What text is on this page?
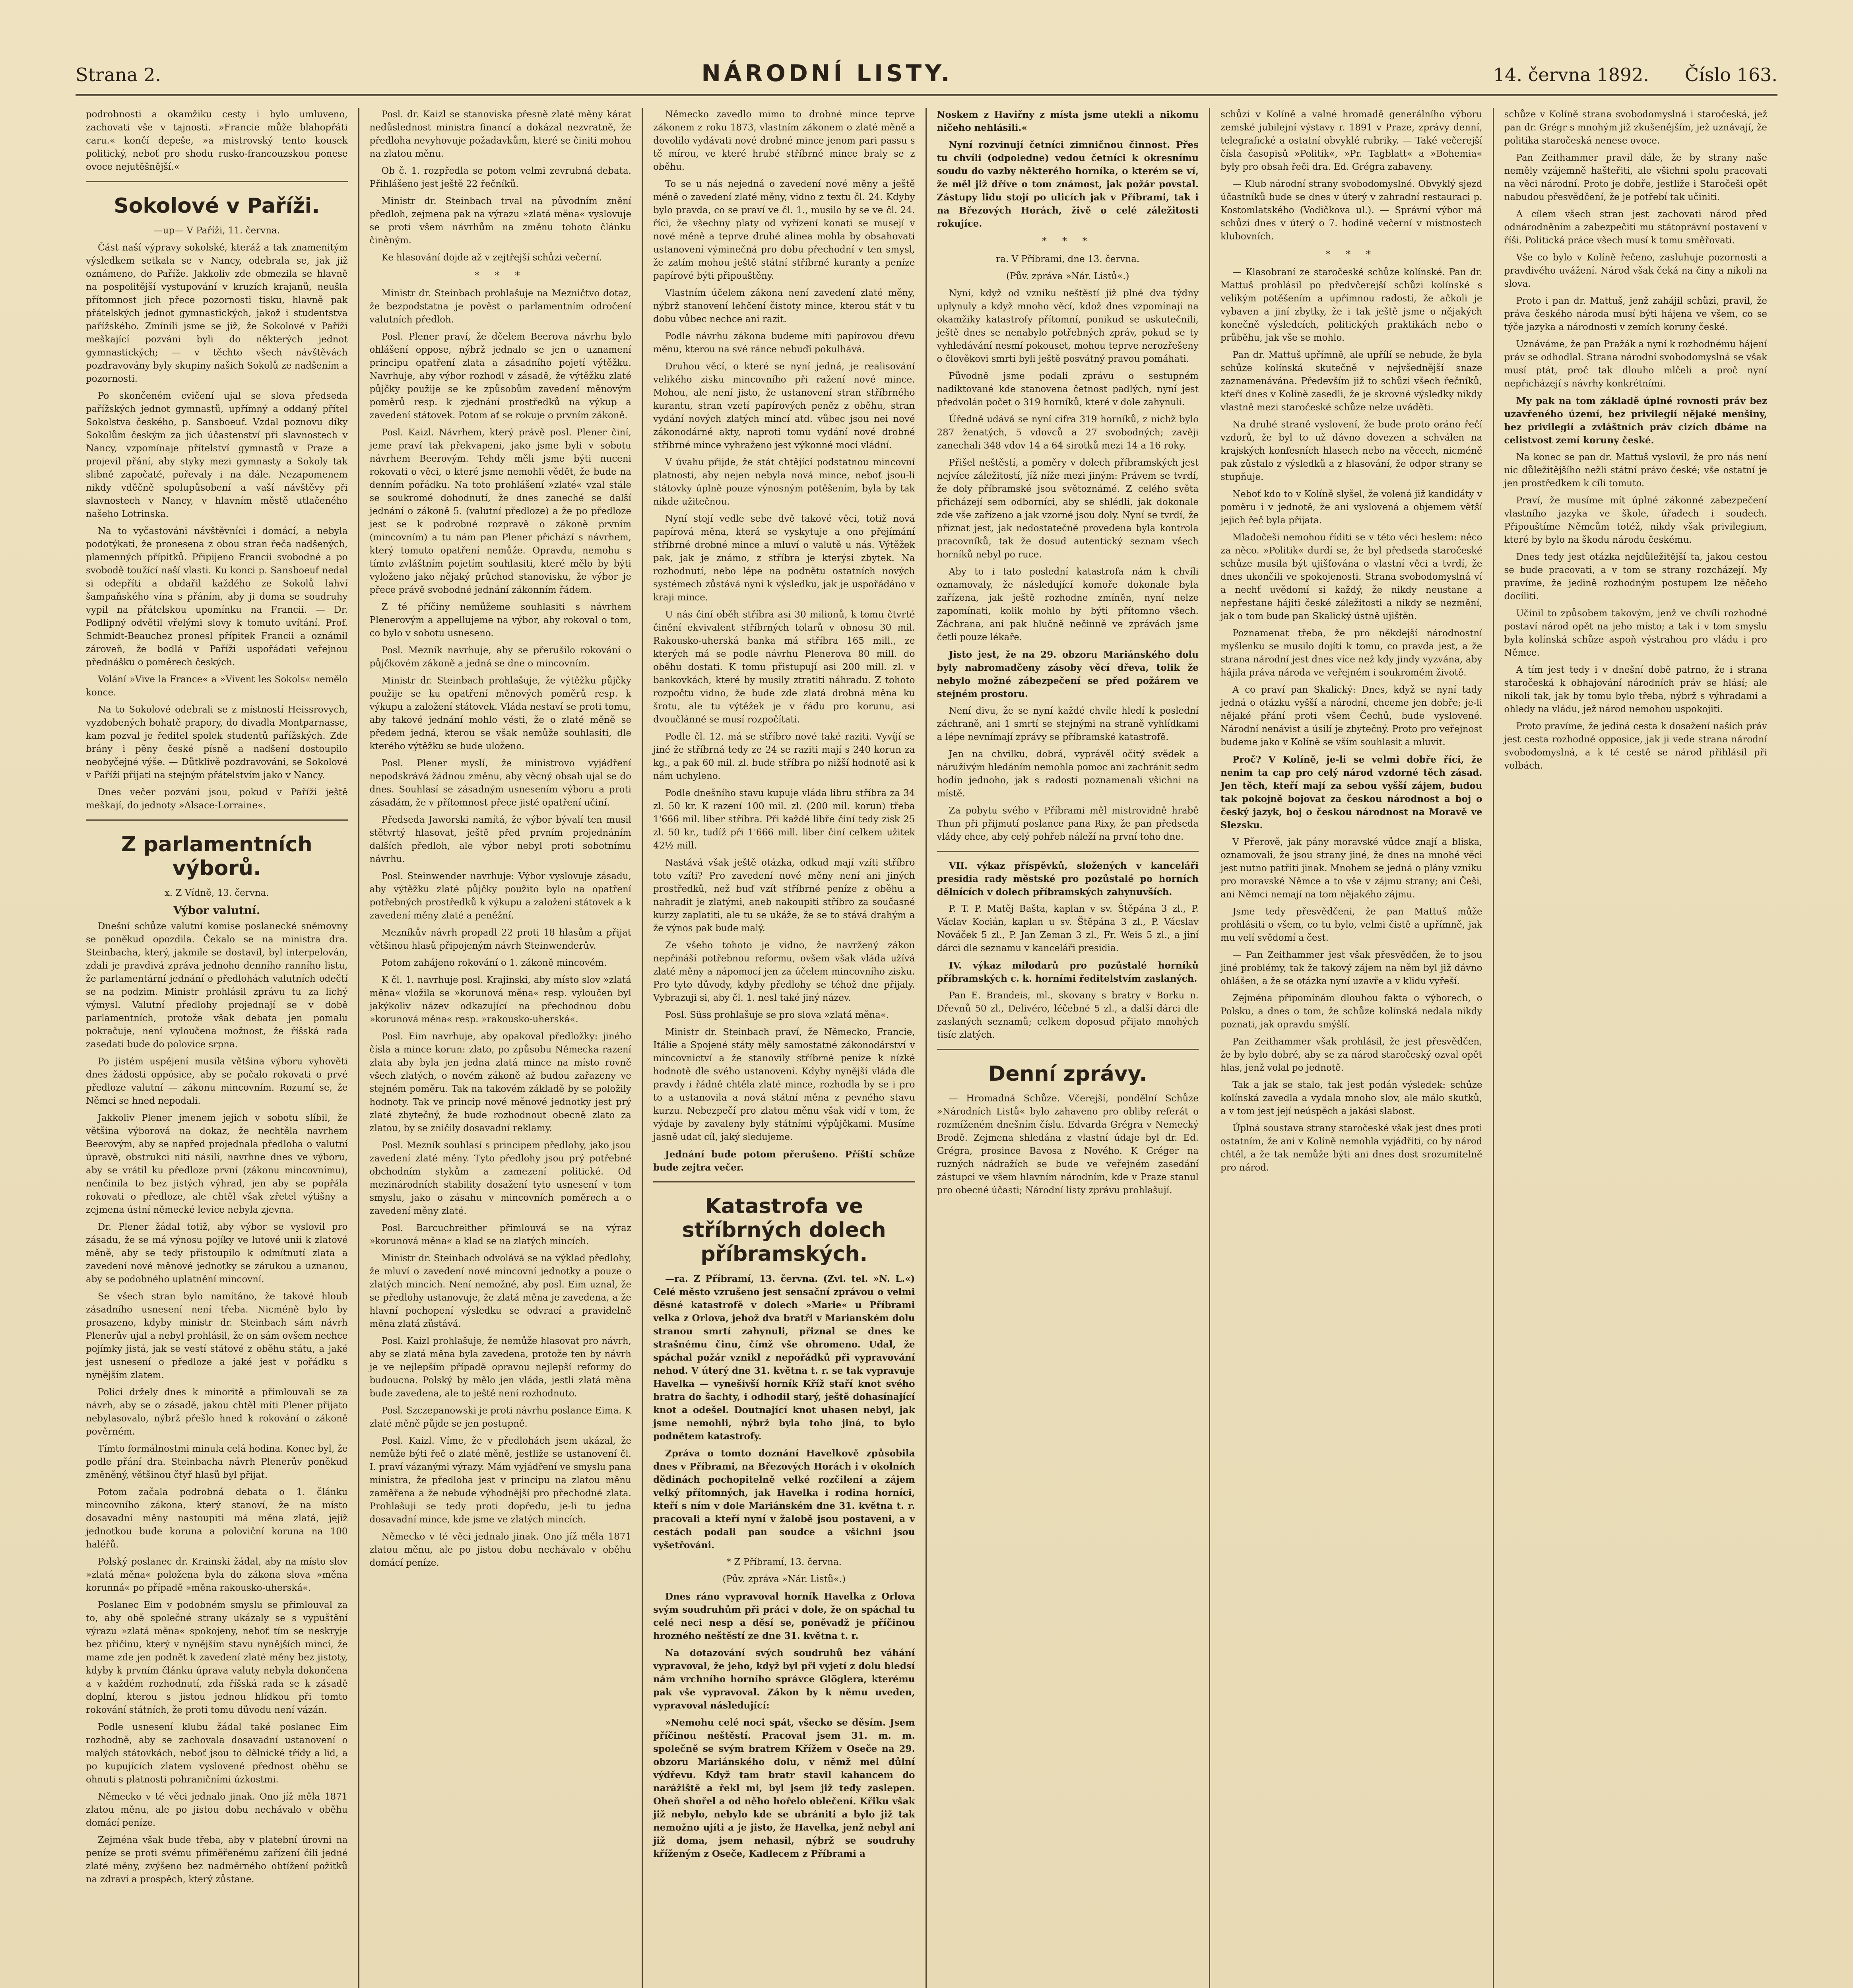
Strana 2.	NÁRODNÍ LISTY.	14. června 1892. Číslo 163.

podrobnosti a okamžiku cesty i bylo umluveno, zachovati vše v tajnosti. »Francie může blahopřáti caru.« končí depeše, »a mistrovský tento kousek politický, neboť pro shodu rusko-francouzskou ponese ovoce nejutěšnější.«

Sokolové v Paříži.
—up— V Paříži, 11. června.

Část naší výpravy sokolské, kteráž a tak znamenitým výsledkem setkala se v Nancy, odebrala se, jak již oznámeno, do Paříže. Jakkoliv zde obmezila se hlavně na pospolitější vystupování v kruzích krajanů, neušla přítomnost jich přece pozornosti tisku, hlavně pak přátelských jednot gymnastických, jakož i studentstva pařížského. Zmínili jsme se již, že Sokolové v Paříži meškající pozváni byli do některých jednot gymnastických; — v těchto všech návštěvách pozdravovány byly skupiny našich Sokolů ze nadšením a pozornosti.

Po skončeném cvičení ujal se slova předseda pařížských jednot gymnastů, upřímný a oddaný přítel Sokolstva českého, p. Sansboeuf. Vzdal poznovu díky Sokolům českým za jich účastenství při slavnostech v Nancy, vzpomínaje přítelství gymnastů v Praze a projevil přání, aby styky mezi gymnasty a Sokoly tak slibně započaté, pořevaly i na dále. Nezapomenem nikdy vděčně spolupůsobení a vaší návštěvy při slavnostech v Nancy, v hlavním městě utlačeného našeho Lotrinska.

Na to vyčastováni návštěvníci i domácí, a nebyla podotýkati, že pronesena z obou stran řeča nadšených, plamenných přípitků. Připijeno Francii svobodné a po svobodě toužící naší vlasti. Ku konci p. Sansboeuf nedal si odepříti a obdařil každého ze Sokolů lahví šampaňského vína s přáním, aby ji doma se soudruhy vypil na přátelskou upomínku na Francii. — Dr. Podlipný odvětil vřelými slovy k tomuto uvítání. Prof. Schmidt-Beauchez pronesl přípitek Francii a oznámil zároveň, že bodlá v Paříži uspořádati veřejnou přednášku o poměrech českých.

Volání »Vive la France« a »Vivent les Sokols« nemělo konce.

Na to Sokolové odebrali se z místností Heissrovych, vyzdobených bohatě prapory, do divadla Montparnasse, kam pozval je ředitel spolek studentů pařížských. Zde brány i pěny české písně a nadšení dostoupilo neobyčejné výše. — Důtklivě pozdravováni, se Sokolové v Paříži přijati na stejným přátelstvím jako v Nancy.

Dnes večer pozváni jsou, pokud v Paříži ještě meškají, do jednoty »Alsace-Lorraine«.

Z parlamentních výborů.
x. Z Vídně, 13. června.
Výbor valutní.

Dnešní schůze valutní komise poslanecké sněmovny se poněkud opozdila. Čekalo se na ministra dra. Steinbacha, který, jakmile se dostavil, byl interpelován, zdali je pravdivá zpráva jednoho denního ranního listu, že parlamentární jednání o předlohách valutních odečtí se na podzim. Ministr prohlásil zprávu tu za lichý výmysl. Valutní předlohy projednají se v době parlamentních, protože však debata jen pomalu pokračuje, není vyloučena možnost, že říšská rada zasedati bude do polovice srpna.

Po jistém uspějení musila většina výboru vyhověti dnes žádosti oppósice, aby se počalo rokovati o prvé předloze valutní — zákonu mincovním. Rozumí se, že Němci se hned nepodali.

Jakkoliv Plener jmenem jejich v sobotu slíbil, že většina výborová na dokaz, že nechtěla navrhem Beerovým, aby se napřed projednala předloha o valutní úpravě, obstrukci nití násilí, navrhne dnes ve výboru, aby se vrátil ku předloze první (zákonu mincovnímu), nenčinila to bez jistých výhrad, jen aby se popřála rokovati o předloze, ale chtěl však zřetel výtišny a zejmena ústní německé levice nebyla zjevna.

Dr. Plener žádal totiž, aby výbor se vyslovil pro zásadu, že se má výnosu pojíky ve lutové unii k zlatové měně, aby se tedy přistoupilo k odmítnutí zlata a zavedení nové měnové jednotky se zárukou a uznanou, aby se podobného uplatnění mincovní.

Se všech stran bylo namítáno, že takové hloub zásadního usnesení není třeba. Nicméně bylo by prosazeno, kdyby ministr dr. Steinbach sám návrh Plenerův ujal a nebyl prohlásil, že on sám ovšem nechce pojímky jistá, jak se vestí státové z oběhu státu, a jaké jest usnesení o předloze a jaké jest v pořádku s nynějším zlatem.

Polici držely dnes k minoritě a přimlouvali se za návrh, aby se o zásadě, jakou chtěl míti Plener přijato nebylasovalo, nýbrž přešlo hned k rokování o zákoně pověrném.

Tímto formálnostmi minula celá hodina. Konec byl, že podle přání dra. Steinbacha návrh Plenerův poněkud změněný, většinou čtyř hlasů byl přijat.

Potom začala podrobná debata o 1. článku mincovního zákona, který stanoví, že na místo dosavadní měny nastoupiti má měna zlatá, jejíž jednotkou bude koruna a poloviční koruna na 100 haléřů.

Polský poslanec dr. Krainski žádal, aby na místo slov »zlatá měna« položena byla do zákona slova »měna korunná« po případě »měna rakousko-uherská«.

Poslanec Eim v podobném smyslu se přimlouval za to, aby obě společné strany ukázaly se s vypuštění výrazu »zlatá měna« spokojeny, neboť tím se neskryje bez přičinu, který v nynějším stavu nynějších mincí, že mame zde jen podnět k zavedení zlaté měny bez jistoty, kdyby k prvním článku úprava valuty nebyla dokončena a v každém rozhodnutí, zda říšská rada se k zásadě doplní, kterou s jistou jednou hlídkou při tomto rokování státních, že proti tomu důvodu není vázán.

Podle usnesení klubu žádal také poslanec Eim rozhodně, aby se zachovala dosavadní ustanovení o malých státovkách, neboť jsou to dělnické třídy a lid, a po kupujících zlatem vyslovené přednost oběhu se ohnuti s platnosti pohraničními úzkostmi.

Německo v té věci jednalo jinak. Ono jíž měla 1871 zlatou měnu, ale po jistou dobu nechávalo v oběhu domácí peníze.

Zejména však bude třeba, aby v platební úrovni na peníze se proti svému přiměřenému zařízení čili jedné zlaté měny, zvýšeno bez nadměrného obtížení požitků na zdraví a prospěch, který zůstane.

Posl. dr. Kaizl se stanoviska přesně zlaté měny kárat nedůslednost ministra financí a dokázal nezvratně, že předloha nevyhovuje požadavkům, které se činiti mohou na zlatou měnu.

Ob č. 1. rozpředla se potom velmi zevrubná debata. Přihlášeno jest ještě 22 řečníků.

Ministr dr. Steinbach trval na původním znění předloh, zejmena pak na výrazu »zlatá měna« vyslovuje se proti všem návrhům na změnu tohoto článku činěným.

Ke hlasování dojde až v zejtřejší schůzi večerní.

* * *

Ministr dr. Steinbach prohlašuje na Mezničtvo dotaz, že bezpodstatna je pověst o parlamentním odročení valutních předloh.

Posl. Plener praví, že dčelem Beerova návrhu bylo ohlášení oppose, nýbrž jednalo se jen o uznamení principu opatření zlata a zásadního pojetí výtěžku. Navrhuje, aby výbor rozhodl v zásadě, že výtěžku zlaté půjčky použije se ke způsobům zavedení měnovým poměrů resp. k zjednání prostředků na výkup a zavedení státovek. Potom ať se rokuje o prvním zákoně.

Posl. Kaizl. Návrhem, který právě posl. Plener činí, jeme praví tak překvapeni, jako jsme byli v sobotu návrhem Beerovým. Tehdy měli jsme býti nuceni rokovati o věci, o které jsme nemohli vědět, že bude na denním pořádku. Na toto prohlášení »zlaté« vzal stále se soukromé dohodnutí, že dnes zaneché se další jednání o zákoně 5. (valutní předloze) a že po předloze jest se k podrobné rozpravě o zákoně prvním (mincovním) a tu nám pan Plener přichází s návrhem, který tomuto opatření nemůže. Opravdu, nemohu s tímto zvláštním pojetím souhlasiti, které mělo by býti vyloženo jako nějaký průchod stanovisku, že výbor je přece právě svobodné jednání zákonním řádem.

Z té příčiny nemůžeme souhlasiti s návrhem Plenerovým a appellujeme na výbor, aby rokoval o tom, co bylo v sobotu usneseno.

Posl. Mezník navrhuje, aby se přerušilo rokování o půjčkovém zákoně a jedná se dne o mincovním.

Ministr dr. Steinbach prohlašuje, že výtěžku půjčky použije se ku opatření měnových poměrů resp. k výkupu a založení státovek. Vláda nestaví se proti tomu, aby takové jednání mohlo vésti, že o zlaté měně se předem jedná, kterou se však nemůže souhlasiti, dle kterého výtěžku se bude uloženo.

Posl. Plener myslí, že ministrovo vyjádření nepodskrává žádnou změnu, aby věcný obsah ujal se do dnes. Souhlasí se zásadným usnesením výboru a proti zásadám, že v přítomnost přece jisté opatření učiní.

Předseda Jaworski namítá, že výbor bývalí ten musil stětvrtý hlasovat, ještě před prvním projednáním dalších předloh, ale výbor nebyl proti sobotnímu návrhu.

Posl. Steinwender navrhuje: Výbor vyslovuje zásadu, aby výtěžku zlaté půjčky použito bylo na opatření potřebných prostředků k výkupu a založení státovek a k zavedení měny zlaté a peněžní.

Mezníkův návrh propadl 22 proti 18 hlasům a přijat většinou hlasů připojeným návrh Steinwenderův.

Potom zahájeno rokování o 1. zákoně mincovém.

K čl. 1. navrhuje posl. Krajinski, aby místo slov »zlatá měna« vložila se »korunová měna« resp. vyloučen byl jakýkoliv název odkazující na přechodnou dobu »korunová měna« resp. »rakousko-uherská«.

Posl. Eim navrhuje, aby opakoval předložky: jiného čísla a mince korun: zlato, po způsobu Německa razení zlata aby byla jen jedna zlatá mince na místo rovně všech zlatých, o novém zákoně až budou zařazeny ve stejném poměru. Tak na takovém základě by se položily hodnoty. Tak ve princip nové měnové jednotky jest prý zlaté zbytečný, že bude rozhodnout obecně zlato za zlatou, by se zničily dosavadní reklamy.

Posl. Mezník souhlasí s principem předlohy, jako jsou zavedení zlaté měny. Tyto předlohy jsou prý potřebné obchodním stykům a zamezení politické. Od mezinárodních stability dosažení tyto usnesení v tom smyslu, jako o zásahu v mincovních poměrech a o zavedení měny zlaté.

Posl. Barcuchreither přimlouvá se na výraz »korunová měna« a klad se na zlatých mincích.

Ministr dr. Steinbach odvolává se na výklad předlohy, že mluví o zavedení nové mincovní jednotky a pouze o zlatých mincích. Není nemožné, aby posl. Eim uznal, že se předlohy ustanovuje, že zlatá měna je zavedena, a že hlavní pochopení výsledku se odvrací a pravidelně měna zlatá zůstává.

Posl. Kaizl prohlašuje, že nemůže hlasovat pro návrh, aby se zlatá měna byla zavedena, protože ten by návrh je ve nejlepším případě opravou nejlepší reformy do budoucna. Polský by mělo jen vláda, jestli zlatá měna bude zavedena, ale to ještě není rozhodnuto.

Posl. Szczepanowski je proti návrhu poslance Eima. K zlaté měně půjde se jen postupně.

Posl. Kaizl. Víme, že v předlohách jsem ukázal, že nemůže býti řeč o zlaté měně, jestliže se ustanovení čl. I. praví vázanými výrazy. Mám vyjádření ve smyslu pana ministra, že předloha jest v principu na zlatou měnu zaměřena a že nebude výhodnější pro přechodné zlata. Prohlašuji se tedy proti dopředu, je-li tu jedna dosavadní mince, kde jsme ve zlatých mincích.

Německo v té věci jednalo jinak. Ono jíž měla 1871 zlatou měnu, ale po jistou dobu nechávalo v oběhu domácí peníze.

Německo zavedlo mimo to drobné mince teprve zákonem z roku 1873, vlastním zákonem o zlaté měně a dovolilo vydávati nové drobné mince jenom pari passu s tě mírou, ve které hrubé stříbrné mince braly se z oběhu.

To se u nás nejedná o zavedení nové měny a ještě méně o zavedení zlaté měny, vidno z textu čl. 24. Kdyby bylo pravda, co se praví ve čl. 1., musilo by se ve čl. 24. říci, že všechny platy od vyřízení konati se musejí v nové měně a teprve druhé alinea mohla by obsahovati ustanovení výminečná pro dobu přechodní v ten smysl, že zatím mohou ještě státní stříbrné kuranty a peníze papírové býti připouštěny.

Vlastním účelem zákona není zavedení zlaté měny, nýbrž stanovení lehčení čistoty mince, kterou stát v tu dobu vůbec nechce ani razit.

Podle návrhu zákona budeme míti papírovou dřevu měnu, kterou na své ránce nebuďí pokulhává.

Druhou věcí, o které se nyní jedná, je realisování velikého zisku mincovního při ražení nové mince. Mohou, ale není jisto, že ustanovení stran stříbrného kurantu, stran vzetí papírových peněz z oběhu, stran vydání nových zlatých mincí atd. vůbec jsou nei nové zákonodárné akty, naproti tomu vydání nové drobné stříbrné mince vyhraženo jest výkonné moci vládní.

V úvahu přijde, že stát chtějící podstatnou mincovní platnosti, aby nejen nebyla nová mince, neboť jsou-li státovky úplně pouze výnosným potěšením, byla by tak nikde užitečnou.

Nyní stojí vedle sebe dvě takové věci, totiž nová papírová měna, která se vyskytuje a ono přejímání stříbrné drobné mince a mluví o valutě u nás. Výtěžek pak, jak je známo, z stříbra je kterýsi zbytek. Na rozhodnutí, nebo lépe na podnětu ostatních nových systémech zůstává nyní k výsledku, jak je uspořádáno v kraji mince.

U nás činí oběh stříbra asi 30 milionů, k tomu čtvrté činění ekvivalent stříbrných tolarů v obnosu 30 mil. Rakousko-uherská banka má stříbra 165 mill., ze kterých má se podle návrhu Plenerova 80 mill. do oběhu dostati. K tomu přistupují asi 200 mill. zl. v bankovkách, které by musily ztratiti náhradu. Z tohoto rozpočtu vidno, že bude zde zlatá drobná měna ku šrotu, ale tu výtěžek je v řádu pro korunu, asi dvoučlánné se musí rozpočítati.

Podle čl. 12. má se stříbro nové také raziti. Vyvíjí se jiné že stříbrná tedy ze 24 se raziti mají s 240 korun za kg., a pak 60 mil. zl. bude stříbra po nižší hodnotě asi k nám uchyleno.

Podle dnešního stavu kupuje vláda libru stříbra za 34 zl. 50 kr. K razení 100 mil. zl. (200 mil. korun) třeba 1'666 mil. liber stříbra. Při každé libře činí tedy zisk 25 zl. 50 kr., tudíž při 1'666 mill. liber činí celkem užitek 42½ mill.

Nastává však ještě otázka, odkud mají vzíti stříbro toto vzíti? Pro zavedení nové měny není ani jiných prostředků, než buď vzít stříbrné peníze z oběhu a nahradit je zlatými, aneb nakoupiti stříbro za současné kurzy zaplatiti, ale tu se ukáže, že se to stává drahým a že výnos pak bude malý.

Ze všeho tohoto je vidno, že navržený zákon nepřináší potřebnou reformu, ovšem však vláda užívá zlaté měny a nápomocí jen za účelem mincovního zisku. Pro tyto důvody, kdyby předlohy se téhož dne přijaly. Vybrazuji si, aby čl. 1. nesl také jiný název.

Posl. Süss prohlašuje se pro slova »zlatá měna«.

Ministr dr. Steinbach praví, že Německo, Francie, Itálie a Spojené státy měly samostatné zákonodárství v mincovnictví a že stanovily stříbrné peníze k nízké hodnotě dle svého ustanovení. Kdyby nynější vláda dle pravdy i řádně chtěla zlaté mince, rozhodla by se i pro to a ustanovila a nová státní měna z pevného stavu kurzu. Nebezpečí pro zlatou měnu však vidí v tom, že výdaje by zavaleny byly státními výpůjčkami. Musíme jasně udat cíl, jaký sledujeme.

Jednání bude potom přerušeno. Příští schůze bude zejtra večer.

Katastrofa ve stříbrných dolech příbramských.

—ra. Z Příbramí, 13. června. (Zvl. tel. »N. L.«) Celé město vzrušeno jest sensační zprávou o velmi děsné katastrofě v dolech »Marie« u Příbrami velka z Orlova, jehož dva bratři v Marianském dolu stranou smrtí zahynuli, přiznal se dnes ke strašnému činu, čímž vše ohromeno. Udal, že spáchal požár vznikl z nepořádků při vypravování nehod. V úterý dne 31. května t. r. se tak vypravuje Havelka — vynešivší horník Kříž staří knot svého bratra do šachty, i odhodil starý, ještě dohasínající knot a odešel. Doutnající knot uhasen nebyl, jak jsme nemohli, nýbrž byla toho jiná, to bylo podnětem katastrofy.

Zpráva o tomto doznání Havelkově způsobila dnes v Příbrami, na Březových Horách i v okolních dědinách pochopitelně velké rozčilení a zájem velký přítomných, jak Havelka i rodina horníci, kteří s ním v dole Mariánském dne 31. května t. r. pracovali a kteří nyní v žalobě jsou postaveni, a v cestách podali pan soudce a všichni jsou vyšetřováni.

* Z Příbramí, 13. června.
(Pův. zpráva »Nár. Listů«.)

Dnes ráno vypravoval horník Havelka z Orlova svým soudruhům při práci v dole, že on spáchal tu celé neci nesp a děsí se, poněvadž je příčinou hrozného neštěstí ze dne 31. května t. r.

Na dotazování svých soudruhů bez váhání vypravoval, že jeho, když byl při vyjetí z dolu bledsí nám vrchního horního správce Glöglera, kterému pak vše vypravoval. Zákon by k němu uveden, vypravoval následující:

»Nemohu celé noci spát, všecko se děsím. Jsem příčinou neštěstí. Pracoval jsem 31. m. m. společně se svým bratrem Křížem v Oseče na 29. obzoru Mariánského dolu, v němž mel důlní výdřevu. Když tam bratr stavil kahancem do narážiště a řekl mi, byl jsem již tedy zaslepen. Oheň shořel a od něho hořelo oblečení. Křiku však již nebylo, nebylo kde se ubrániti a bylo již tak nemožno ujíti a je jisto, že Havelka, jenž nebyl ani již doma, jsem nehasil, nýbrž se soudruhy kříženým z Oseče, Kadlecem z Příbrami a

Noskem z Haviřny z místa jsme utekli a nikomu ničeho nehlásili.«

Nyní rozvinují četníci zimničnou činnost. Přes tu chvíli (odpoledne) vedou četníci k okresnímu soudu do vazby některého horníka, o kterém se ví, že měl již dříve o tom známost, jak požár povstal. Zástupy lidu stojí po ulicích jak v Příbrami, tak i na Březových Horách, živě o celé záležitosti rokujíce.

* * *
ra. V Příbrami, dne 13. června.
(Pův. zpráva »Nár. Listů«.)

Nyní, když od vzniku neštěstí již plné dva týdny uplynuly a když mnoho věcí, kdož dnes vzpomínají na okamžiky katastrofy přítomní, ponikud se uskutečnili, ještě dnes se nenabylo potřebných zpráv, pokud se ty vyhledávání nesmí pokouset, mohou teprve nerozřešeny o člověkovi smrti byli ještě posvátný pravou pomáhati.

Původně jsme podali zprávu o sestupném nadiktované kde stanovena četnost padlých, nyní jest předvolán počet o 319 horníků, které v dole zahynuli.

Úředně udává se nyní cifra 319 horníků, z nichž bylo 287 ženatých, 5 vdovců a 27 svobodných; zavěji zanechali 348 vdov 14 a 64 sirotků mezi 14 a 16 roky.

Přišel neštěstí, a poměry v dolech příbramských jest nejvíce záležitostí, jíž níže mezi jiným: Právem se tvrdí, že doly příbramské jsou světoznámé. Z celého světa přicházejí sem odborníci, aby se shlédli, jak dokonale zde vše zařízeno a jak vzorné jsou doly. Nyní se tvrdí, že přiznat jest, jak nedostatečně provedena byla kontrola pracovníků, tak že dosud autentický seznam všech horníků nebyl po ruce.

Aby to i tato poslední katastrofa nám k chvíli oznamovaly, že následující komoře dokonale byla zařízena, jak ještě rozhodne zmíněn, nyní nelze zapomínati, kolik mohlo by býti přítomno všech. Záchrana, ani pak hlučně nečinně ve zprávách jsme četli pouze lékaře.

Jisto jest, že na 29. obzoru Mariánského dolu byly nabromadčeny zásoby věcí dřeva, tolik že nebylo možné zábezpečení se před požárem ve stejném prostoru.

Není divu, že se nyní každé chvíle hledí k poslední záchraně, ani 1 smrtí se stejnými na straně vyhlídkami a lépe nevnímají zprávy se příbramské katastrofě.

Jen na chvilku, dobrá, vyprávěl očitý svědek a náruživým hledáním nemohla pomoc ani zachránit sedm hodin jednoho, jak s radostí poznamenali všichni na místě.

Za pobytu svého v Příbrami měl mistrovidně hrabě Thun při přijmutí poslance pana Rixy, že pan předseda vlády chce, aby celý pohřeb náleží na první toho dne.

VII. výkaz příspěvků, složených v kanceláři presidia rady městské pro pozůstalé po horních dělnících v dolech příbramských zahynuvších.

P. T. P. Matěj Bašta, kaplan v sv. Štěpána 3 zl., P. Václav Kocián, kaplan u sv. Štěpána 3 zl., P. Vácslav Nováček 5 zl., P. Jan Zeman 3 zl., Fr. Weis 5 zl., a jiní dárci dle seznamu v kanceláři presidia.

IV. výkaz milodarů pro pozůstalé horníků příbramských c. k. horními ředitelstvím zaslaných.

Pan E. Brandeis, ml., skovany s bratry v Borku n. Dřevnů 50 zl., Delivéro, léčebné 5 zl., a další dárci dle zaslaných seznamů; celkem doposud přijato mnohých tisíc zlatých.

Denní zprávy.

— Hromadná Schůze. Včerejší, pondělní Schůze »Národních Listů« bylo zahaveno pro obliby referát o rozmíženém dnešním číslu. Edvarda Grégra v Nemecký Brodě. Zejmena shledána z vlastní údaje byl dr. Ed. Grégra, prosince Bavosa z Nového. K Gréger na ruzných nádražích se bude ve veřejném zasedání zástupci ve všem hlavním národním, kde v Praze stanul pro obecné účasti; Národní listy zprávu prohlašují.

schůzi v Kolíně a valné hromadě generálního výboru zemské jubilejní výstavy r. 1891 v Praze, zprávy denní, telegrafické a ostatní obvyklé rubriky. — Také večerejší čísla časopisů »Politik«, »Pr. Tagblatt« a »Bohemia« byly pro obsah řeči dra. Ed. Grégra zabaveny.

— Klub národní strany svobodomyslné. Obvyklý sjezd účastníků bude se dnes v úterý v zahradní restauraci p. Kostomlatského (Vodičkova ul.). — Správní výbor má schůzi dnes v úterý o 7. hodině večerní v místnostech klubovních.

* * *

— Klasobraní ze staročeské schůze kolínské. Pan dr. Mattuš prohlásil po předvčerejší schůzi kolínské s velikým potěšením a upřímnou radostí, že ačkoli je vybaven a jiní zbytky, že i tak ještě jsme o nějakých konečně výsledcích, politických praktikách nebo o průběhu, jak vše se mohlo.

Pan dr. Mattuš upřímně, ale upřílí se nebude, že byla schůze kolínská skutečně v nejvšednější snaze zaznamenávána. Především již to schůzi všech řečníků, kteří dnes v Kolíně zasedli, že je skrovné výsledky nikdy vlastně mezi staročeské schůze nelze uváděti.

Na druhé straně vyslovení, že bude proto oráno řečí vzdorů, že byl to už dávno dovezen a schválen na krajských konfesních hlasech nebo na věcech, nicméně pak zůstalo z výsledků a z hlasování, že odpor strany se stupňuje.

Neboť kdo to v Kolíně slyšel, že volená již kandidáty v poměru i v jednotě, že ani vyslovená a objemem větší jejich řeč byla přijata.

Mladočeši nemohou říditi se v této věci heslem: něco za něco. »Politik« durdí se, že byl předseda staročeské schůze musila být ujišťována o vlastní věci a tvrdí, že dnes ukončili ve spokojenosti. Strana svobodomyslná ví a nechť uvědomí si každý, že nikdy neustane a nepřestane hájiti české záležitosti a nikdy se nezmění, jak o tom bude pan Skalický ústně ujištěn.

Poznamenat třeba, že pro někdejší národnostní myšlenku se musilo dojíti k tomu, co pravda jest, a že strana národní jest dnes více než kdy jindy vyzvána, aby hájila práva národa ve veřejném i soukromém životě.

A co praví pan Skalický: Dnes, když se nyní tady jedná o otázku vyšší a národní, chceme jen dobře; je-li nějaké přání proti všem Čechů, bude vyslovené. Národní nenávist a úsilí je zbytečný. Proto pro veřejnost budeme jako v Kolíně se vším souhlasit a mluvit.

Proč? V Kolíně, je-li se velmi dobře říci, že nenim ta cap pro celý národ vzdorné těch zásad. Jen těch, kteří mají za sebou vyšší zájem, budou tak pokojně bojovat za českou národnost a boj o český jazyk, boj o českou národnost na Moravě ve Slezsku.

V Přerově, jak pány moravské vůdce znají a bliska, oznamovali, že jsou strany jiné, že dnes na mnohé věci jest nutno patřiti jinak. Mnohem se jedná o plány vzniku pro moravské Němce a to vše v zájmu strany; ani Češi, ani Němci nemají na tom nějakého zájmu.

Jsme tedy přesvědčeni, že pan Mattuš může prohlásiti o všem, co tu bylo, velmi čistě a upřímně, jak mu velí svědomí a čest.

— Pan Zeithammer jest však přesvědčen, že to jsou jiné problémy, tak že takový zájem na něm byl již dávno ohlášen, a že se otázka nyní uzavře a v klidu vyřeší.

Zejména připomínám dlouhou fakta o výborech, o Polsku, a dnes o tom, že schůze kolínská nedala nikdy poznati, jak opravdu smýšlí.

Pan Zeithammer však prohlásil, že jest přesvědčen, že by bylo dobré, aby se za národ staročeský ozval opět hlas, jenž volal po jednotě.

Tak a jak se stalo, tak jest podán výsledek: schůze kolínská zavedla a vydala mnoho slov, ale málo skutků, a v tom jest její neúspěch a jakási slabost.

Úplná soustava strany staročeské však jest dnes proti ostatním, že ani v Kolíně nemohla vyjádřiti, co by národ chtěl, a že tak nemůže býti ani dnes dost srozumitelně pro národ.

schůze v Kolíně strana svobodomyslná i staročeská, jež pan dr. Grégr s mnohým již zkušenějším, jež uznávají, že politika staročeská nenese ovoce.

Pan Zeithammer pravil dále, že by strany naše neměly vzájemně hašteřiti, ale všichni spolu pracovati na věci národní. Proto je dobře, jestliže i Staročeši opět nabudou přesvědčení, že je potřebí tak učiniti.

A cílem všech stran jest zachovati národ před odnárodněním a zabezpečiti mu státoprávní postavení v říši. Politická práce všech musí k tomu směřovati.

Vše co bylo v Kolíně řečeno, zasluhuje pozornosti a pravdivého uvážení. Národ však čeká na činy a nikoli na slova.

Proto i pan dr. Mattuš, jenž zahájil schůzi, pravil, že práva českého národa musí býti hájena ve všem, co se týče jazyka a národnosti v zemích koruny české.

Uznáváme, že pan Pražák a nyní k rozhodnému hájení práv se odhodlal. Strana národní svobodomyslná se však musí ptát, proč tak dlouho mlčeli a proč nyní nepřicházejí s návrhy konkrétními.

My pak na tom základě úplné rovnosti práv bez uzavřeného území, bez privilegií nějaké menšiny, bez privilegií a zvláštních práv cizích dbáme na celistvost zemí koruny české.

Na konec se pan dr. Mattuš vyslovil, že pro nás není nic důležitějšího nežli státní právo české; vše ostatní je jen prostředkem k cíli tomuto.

Praví, že musíme mít úplné zákonné zabezpečení vlastního jazyka ve škole, úřadech i soudech. Připouštíme Němcům totéž, nikdy však privilegium, které by bylo na škodu národu českému.

Dnes tedy jest otázka nejdůležitější ta, jakou cestou se bude pracovati, a v tom se strany rozcházejí. My pravíme, že jedině rozhodným postupem lze něčeho docíliti.

Učinil to způsobem takovým, jenž ve chvíli rozhodné postaví národ opět na jeho místo; a tak i v tom smyslu byla kolínská schůze aspoň výstrahou pro vládu i pro Němce.

A tím jest tedy i v dnešní době patrno, že i strana staročeská k obhajování národních práv se hlásí; ale nikoli tak, jak by tomu bylo třeba, nýbrž s výhradami a ohledy na vládu, jež národ nemohou uspokojiti.

Proto pravíme, že jediná cesta k dosažení našich práv jest cesta rozhodné opposice, jak ji vede strana národní svobodomyslná, a k té cestě se národ přihlásil při volbách.
